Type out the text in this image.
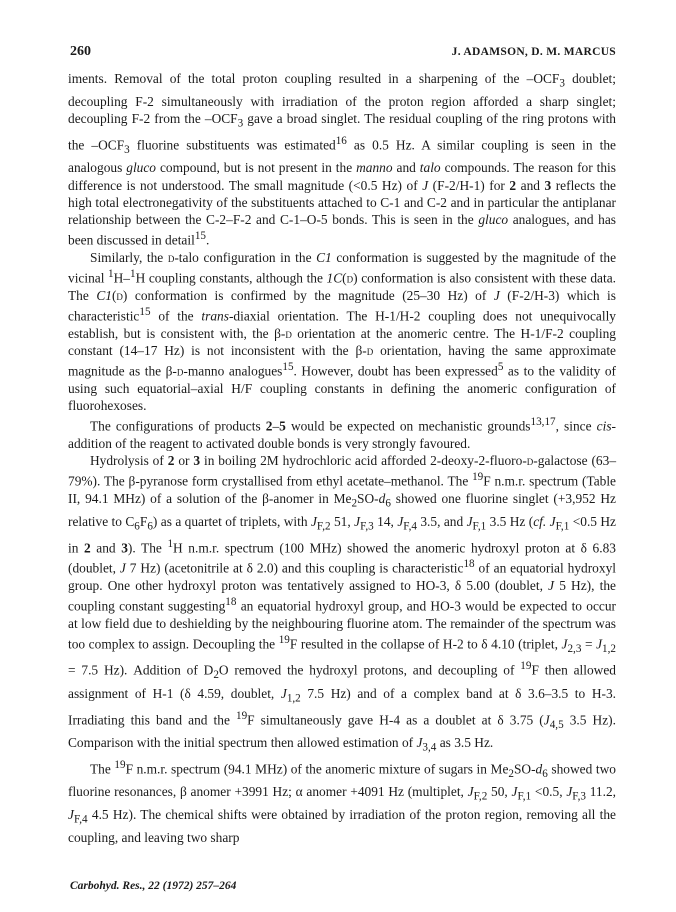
260	J. ADAMSON, D. M. MARCUS

iments. Removal of the total proton coupling resulted in a sharpening of the $-OCF_3$ doublet; decoupling F-2 simultaneously with irradiation of the proton region afforded a sharp singlet; decoupling F-2 from the $-OCF_3$ gave a broad singlet. The residual coupling of the ring protons with the $-OCF_3$ fluorine substituents was estimated$^{16}$ as 0.5 Hz. A similar coupling is seen in the analogous gluco compound, but is not present in the manno and talo compounds. The reason for this difference is not understood. The small magnitude (<0.5 Hz) of J (F-2/H-1) for 2 and 3 reflects the high total electronegativity of the substituents attached to C-1 and C-2 and in particular the antiplanar relationship between the C-2–F-2 and C-1–O-5 bonds. This is seen in the gluco analogues, and has been discussed in detail$^{15}$.

Similarly, the d-talo configuration in the C1 conformation is suggested by the magnitude of the vicinal $^1$H–$^1$H coupling constants, although the 1C(d) conformation is also consistent with these data. The C1(d) conformation is confirmed by the magnitude (25–30 Hz) of J (F-2/H-3) which is characteristic$^{15}$ of the trans-diaxial orientation. The H-1/H-2 coupling does not unequivocally establish, but is consistent with, the β-d orientation at the anomeric centre. The H-1/F-2 coupling constant (14–17 Hz) is not inconsistent with the β-d orientation, having the same approximate magnitude as the β-d-manno analogues$^{15}$. However, doubt has been expressed$^5$ as to the validity of using such equatorial–axial H/F coupling constants in defining the anomeric configuration of fluorohexoses.

The configurations of products 2–5 would be expected on mechanistic grounds$^{13,17}$, since cis-addition of the reagent to activated double bonds is very strongly favoured.

Hydrolysis of 2 or 3 in boiling 2M hydrochloric acid afforded 2-deoxy-2-fluoro-d-galactose (63–79%). The β-pyranose form crystallised from ethyl acetate–methanol. The $^{19}$F n.m.r. spectrum (Table II, 94.1 MHz) of a solution of the β-anomer in $Me_2SO-d_6$ showed one fluorine singlet (+3,952 Hz relative to $C_6F_6$) as a quartet of triplets, with $J_{F,2}$ 51, $J_{F,3}$ 14, $J_{F,4}$ 3.5, and $J_{F,1}$ 3.5 Hz (cf. $J_{F,1} <0.5$ Hz in 2 and 3). The $^1$H n.m.r. spectrum (100 MHz) showed the anomeric hydroxyl proton at δ 6.83 (doublet, J 7 Hz) (acetonitrile at δ 2.0) and this coupling is characteristic$^{18}$ of an equatorial hydroxyl group. One other hydroxyl proton was tentatively assigned to HO-3, δ 5.00 (doublet, J 5 Hz), the coupling constant suggesting$^{18}$ an equatorial hydroxyl group, and HO-3 would be expected to occur at low field due to deshielding by the neighbouring fluorine atom. The remainder of the spectrum was too complex to assign. Decoupling the $^{19}$F resulted in the collapse of H-2 to δ 4.10 (triplet, $J_{2,3} = J_{1,2} = 7.5$ Hz). Addition of $D_2O$ removed the hydroxyl protons, and decoupling of $^{19}$F then allowed assignment of H-1 (δ 4.59, doublet, $J_{1,2}$ 7.5 Hz) and of a complex band at δ 3.6–3.5 to H-3. Irradiating this band and the $^{19}$F simultaneously gave H-4 as a doublet at δ 3.75 ($J_{4,5}$ 3.5 Hz). Comparison with the initial spectrum then allowed estimation of $J_{3,4}$ as 3.5 Hz.

The $^{19}$F n.m.r. spectrum (94.1 MHz) of the anomeric mixture of sugars in $Me_2SO-d_6$ showed two fluorine resonances, β anomer +3991 Hz; α anomer +4091 Hz (multiplet, $J_{F,2}$ 50, $J_{F,1} <0.5$, $J_{F,3}$ 11.2, $J_{F,4}$ 4.5 Hz). The chemical shifts were obtained by irradiation of the proton region, removing all the coupling, and leaving two sharp

Carbohyd. Res., 22 (1972) 257–264
